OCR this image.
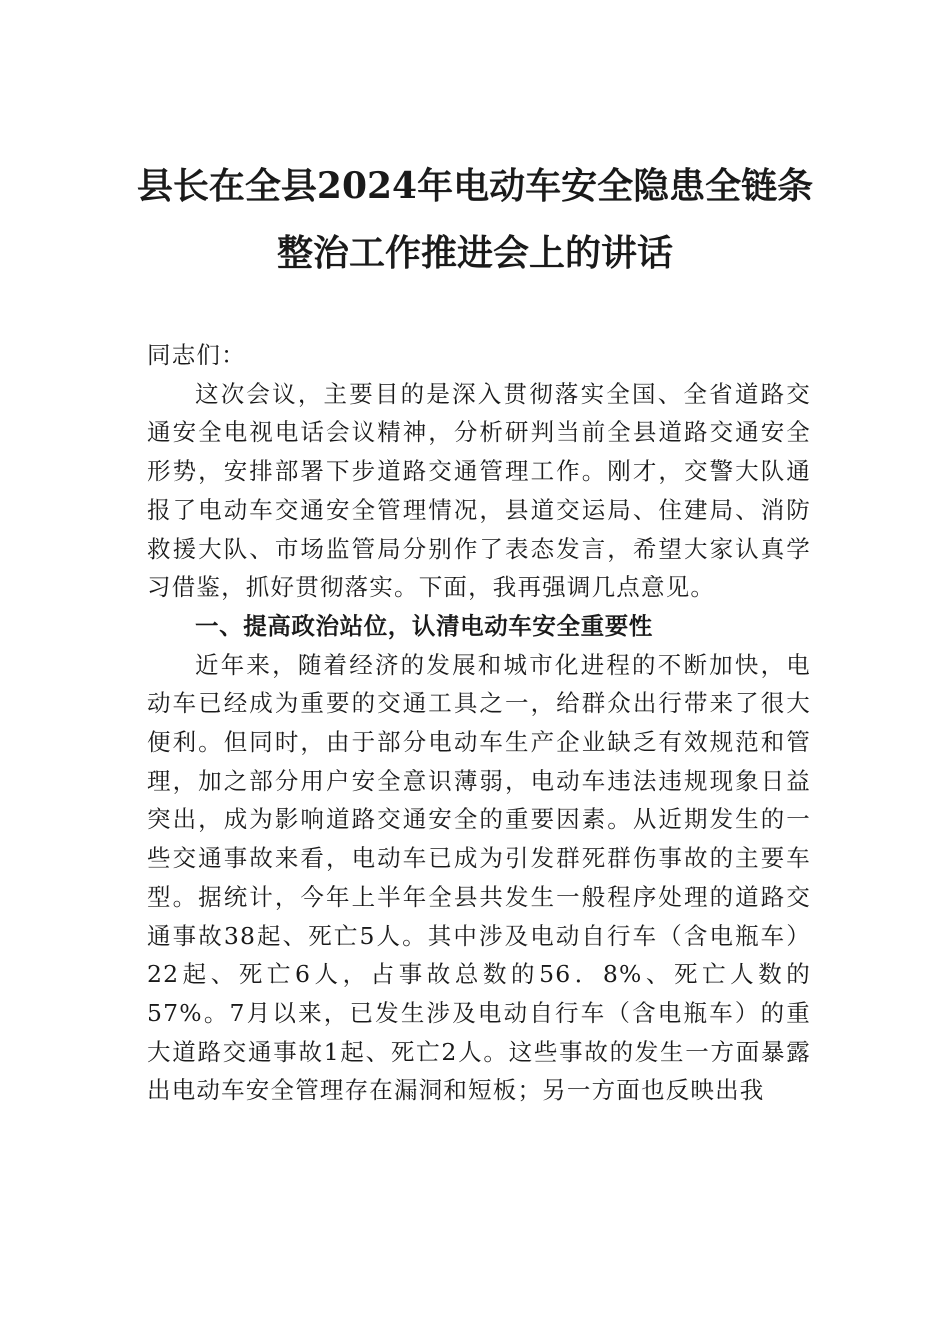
县长在全县2024年电动车安全隐患全链条
整治工作推进会上的讲话

同志们：

这次会议，主要目的是深入贯彻落实全国、全省道路交通安全电视电话会议精神，分析研判当前全县道路交通安全形势，安排部署下步道路交通管理工作。刚才，交警大队通报了电动车交通安全管理情况，县道交运局、住建局、消防救援大队、市场监管局分别作了表态发言，希望大家认真学习借鉴，抓好贯彻落实。下面，我再强调几点意见。

一、提高政治站位，认清电动车安全重要性

近年来，随着经济的发展和城市化进程的不断加快，电动车已经成为重要的交通工具之一，给群众出行带来了很大便利。但同时，由于部分电动车生产企业缺乏有效规范和管理，加之部分用户安全意识薄弱，电动车违法违规现象日益突出，成为影响道路交通安全的重要因素。从近期发生的一些交通事故来看，电动车已成为引发群死群伤事故的主要车型。据统计，今年上半年全县共发生一般程序处理的道路交通事故38起、死亡5人。其中涉及电动自行车（含电瓶车）22起、死亡6人，占事故总数的56．8%、死亡人数的57%。7月以来，已发生涉及电动自行车（含电瓶车）的重大道路交通事故1起、死亡2人。这些事故的发生一方面暴露出电动车安全管理存在漏洞和短板；另一方面也反映出我
